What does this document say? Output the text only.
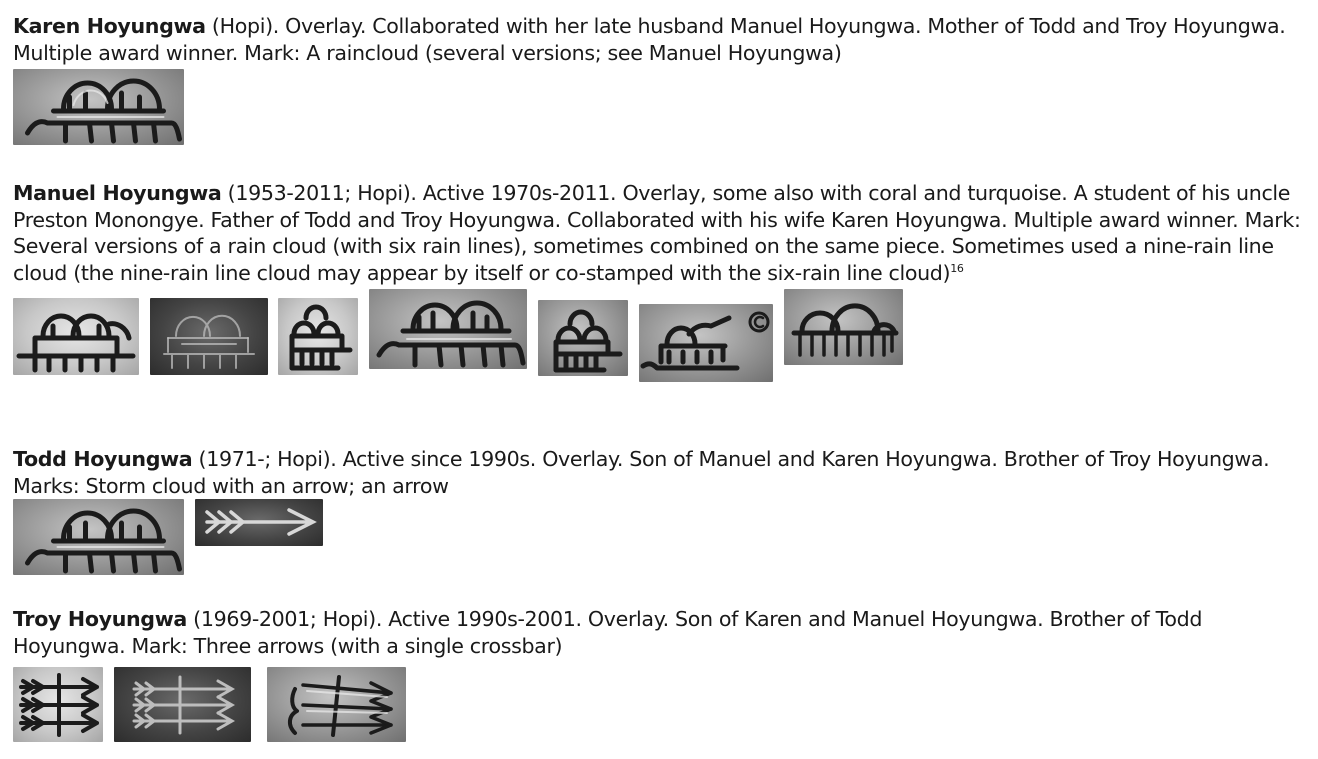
Karen Hoyungwa (Hopi). Overlay. Collaborated with her late husband Manuel Hoyungwa. Mother of Todd and Troy Hoyungwa. Multiple award winner. Mark: A raincloud (several versions; see Manuel Hoyungwa)

Manuel Hoyungwa (1953-2011; Hopi). Active 1970s-2011. Overlay, some also with coral and turquoise. A student of his uncle Preston Monongye. Father of Todd and Troy Hoyungwa. Collaborated with his wife Karen Hoyungwa. Multiple award winner. Mark: Several versions of a rain cloud (with six rain lines), sometimes combined on the same piece. Sometimes used a nine-rain line cloud (the nine-rain line cloud may appear by itself or co-stamped with the six-rain line cloud)$^{16}$

Todd Hoyungwa (1971-; Hopi). Active since 1990s. Overlay. Son of Manuel and Karen Hoyungwa. Brother of Troy Hoyungwa. Marks: Storm cloud with an arrow; an arrow

Troy Hoyungwa (1969-2001; Hopi). Active 1990s-2001. Overlay. Son of Karen and Manuel Hoyungwa. Brother of Todd Hoyungwa. Mark: Three arrows (with a single crossbar)
